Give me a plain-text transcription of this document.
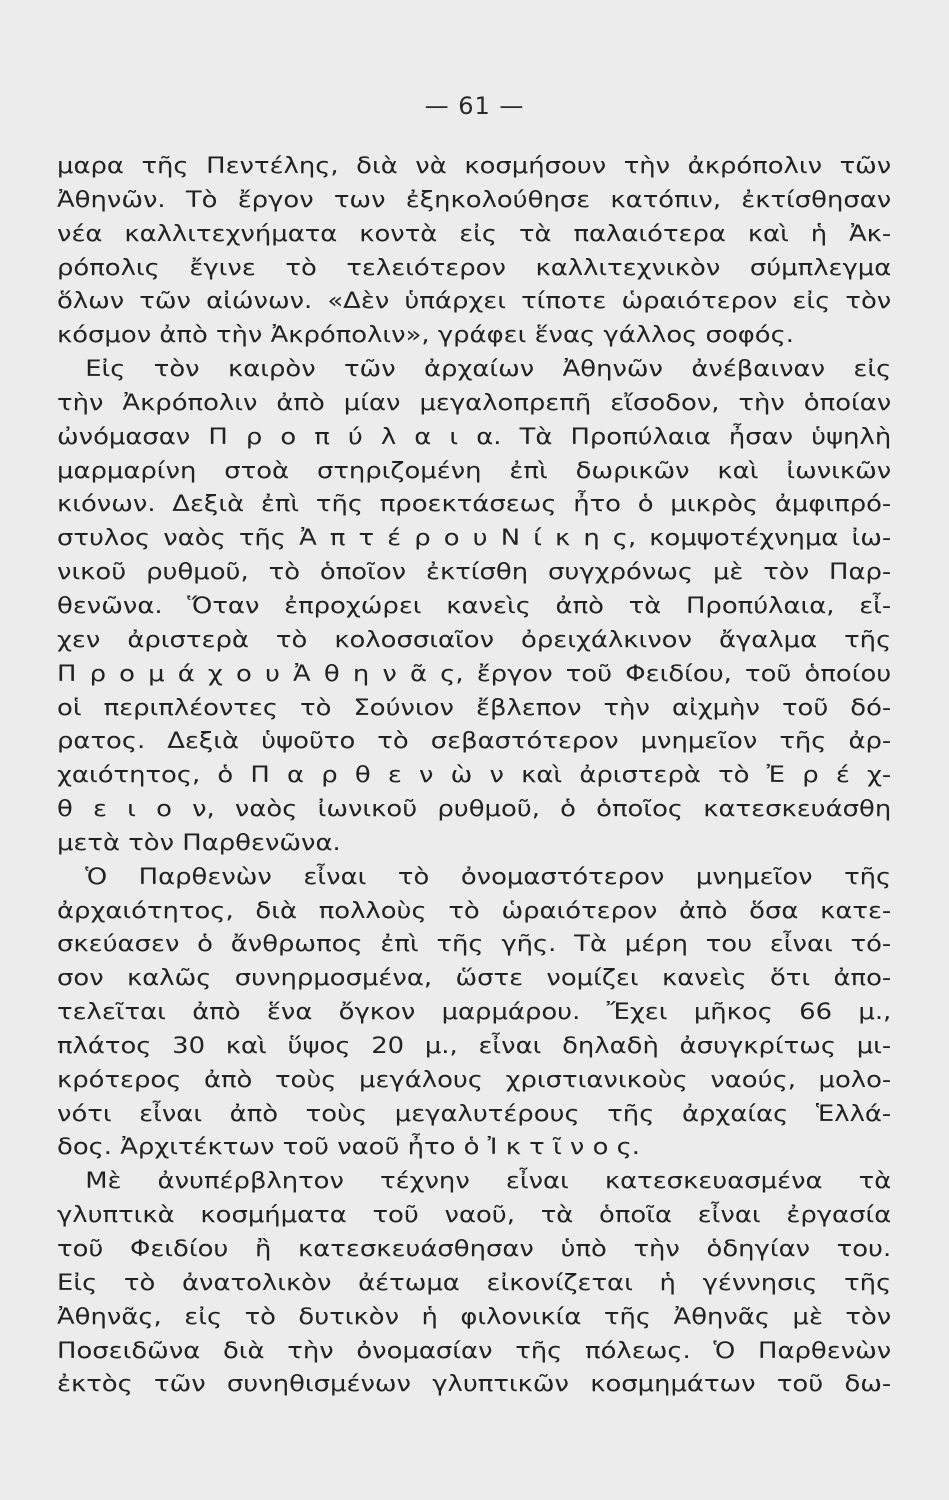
— 61 —
μαρα τῆς Πεντέλης, διὰ νὰ κοσμήσουν τὴν ἀκρόπολιν τῶν
Ἀθηνῶν. Τὸ ἔργον των ἐξηκολούθησε κατόπιν, ἐκτίσθησαν
νέα καλλιτεχνήματα κοντὰ εἰς τὰ παλαιότερα καὶ ἡ Ἀκ-
ρόπολις ἔγινε τὸ τελειότερον καλλιτεχνικὸν σύμπλεγμα
ὅλων τῶν αἰώνων. «Δὲν ὑπάρχει τίποτε ὡραιότερον εἰς τὸν
κόσμον ἀπὸ τὴν Ἀκρόπολιν», γράφει ἕνας γάλλος σοφός.
Εἰς τὸν καιρὸν τῶν ἀρχαίων Ἀθηνῶν ἀνέβαιναν εἰς
τὴν Ἀκρόπολιν ἀπὸ μίαν μεγαλοπρεπῆ εἴσοδον, τὴν ὁποίαν
ὠνόμασαν Π ρ ο π ύ λ α ι α. Τὰ Προπύλαια ἦσαν ὑψηλὴ
μαρμαρίνη στοὰ στηριζομένη ἐπὶ δωρικῶν καὶ ἰωνικῶν
κιόνων. Δεξιὰ ἐπὶ τῆς προεκτάσεως ἦτο ὁ μικρὸς ἀμφιπρό-
στυλος ναὸς τῆς Ἀ π τ έ ρ ο υ Ν ί κ η ς, κομψοτέχνημα ἰω-
νικοῦ ρυθμοῦ, τὸ ὁποῖον ἐκτίσθη συγχρόνως μὲ τὸν Παρ-
θενῶνα. Ὅταν ἐπροχώρει κανεὶς ἀπὸ τὰ Προπύλαια, εἶ-
χεν ἀριστερὰ τὸ κολοσσιαῖον ὀρειχάλκινον ἄγαλμα τῆς
Π ρ ο μ ά χ ο υ Ἀ θ η ν ᾶ ς, ἔργον τοῦ Φειδίου, τοῦ ὁποίου
οἱ περιπλέοντες τὸ Σούνιον ἔβλεπον τὴν αἰχμὴν τοῦ δό-
ρατος. Δεξιὰ ὑψοῦτο τὸ σεβαστότερον μνημεῖον τῆς ἀρ-
χαιότητος, ὁ Π α ρ θ ε ν ὼ ν καὶ ἀριστερὰ τὸ Ἐ ρ έ χ-
θ ε ι ο ν, ναὸς ἰωνικοῦ ρυθμοῦ, ὁ ὁποῖος κατεσκευάσθη
μετὰ τὸν Παρθενῶνα.
Ὁ Παρθενὼν εἶναι τὸ ὀνομαστότερον μνημεῖον τῆς
ἀρχαιότητος, διὰ πολλοὺς τὸ ὡραιότερον ἀπὸ ὅσα κατε-
σκεύασεν ὁ ἄνθρωπος ἐπὶ τῆς γῆς. Τὰ μέρη του εἶναι τό-
σον καλῶς συνηρμοσμένα, ὥστε νομίζει κανεὶς ὅτι ἀπο-
τελεῖται ἀπὸ ἕνα ὄγκον μαρμάρου. Ἔχει μῆκος 66 μ.,
πλάτος 30 καὶ ὕψος 20 μ., εἶναι δηλαδὴ ἀσυγκρίτως μι-
κρότερος ἀπὸ τοὺς μεγάλους χριστιανικοὺς ναούς, μολο-
νότι εἶναι ἀπὸ τοὺς μεγαλυτέρους τῆς ἀρχαίας Ἑλλά-
δος. Ἀρχιτέκτων τοῦ ναοῦ ἦτο ὁ Ἰ κ τ ῖ ν ο ς.
Μὲ ἀνυπέρβλητον τέχνην εἶναι κατεσκευασμένα τὰ
γλυπτικὰ κοσμήματα τοῦ ναοῦ, τὰ ὁποῖα εἶναι ἐργασία
τοῦ Φειδίου ἢ κατεσκευάσθησαν ὑπὸ τὴν ὁδηγίαν του.
Εἰς τὸ ἀνατολικὸν ἀέτωμα εἰκονίζεται ἡ γέννησις τῆς
Ἀθηνᾶς, εἰς τὸ δυτικὸν ἡ φιλονικία τῆς Ἀθηνᾶς μὲ τὸν
Ποσειδῶνα διὰ τὴν ὀνομασίαν τῆς πόλεως. Ὁ Παρθενὼν
ἐκτὸς τῶν συνηθισμένων γλυπτικῶν κοσμημάτων τοῦ δω-
